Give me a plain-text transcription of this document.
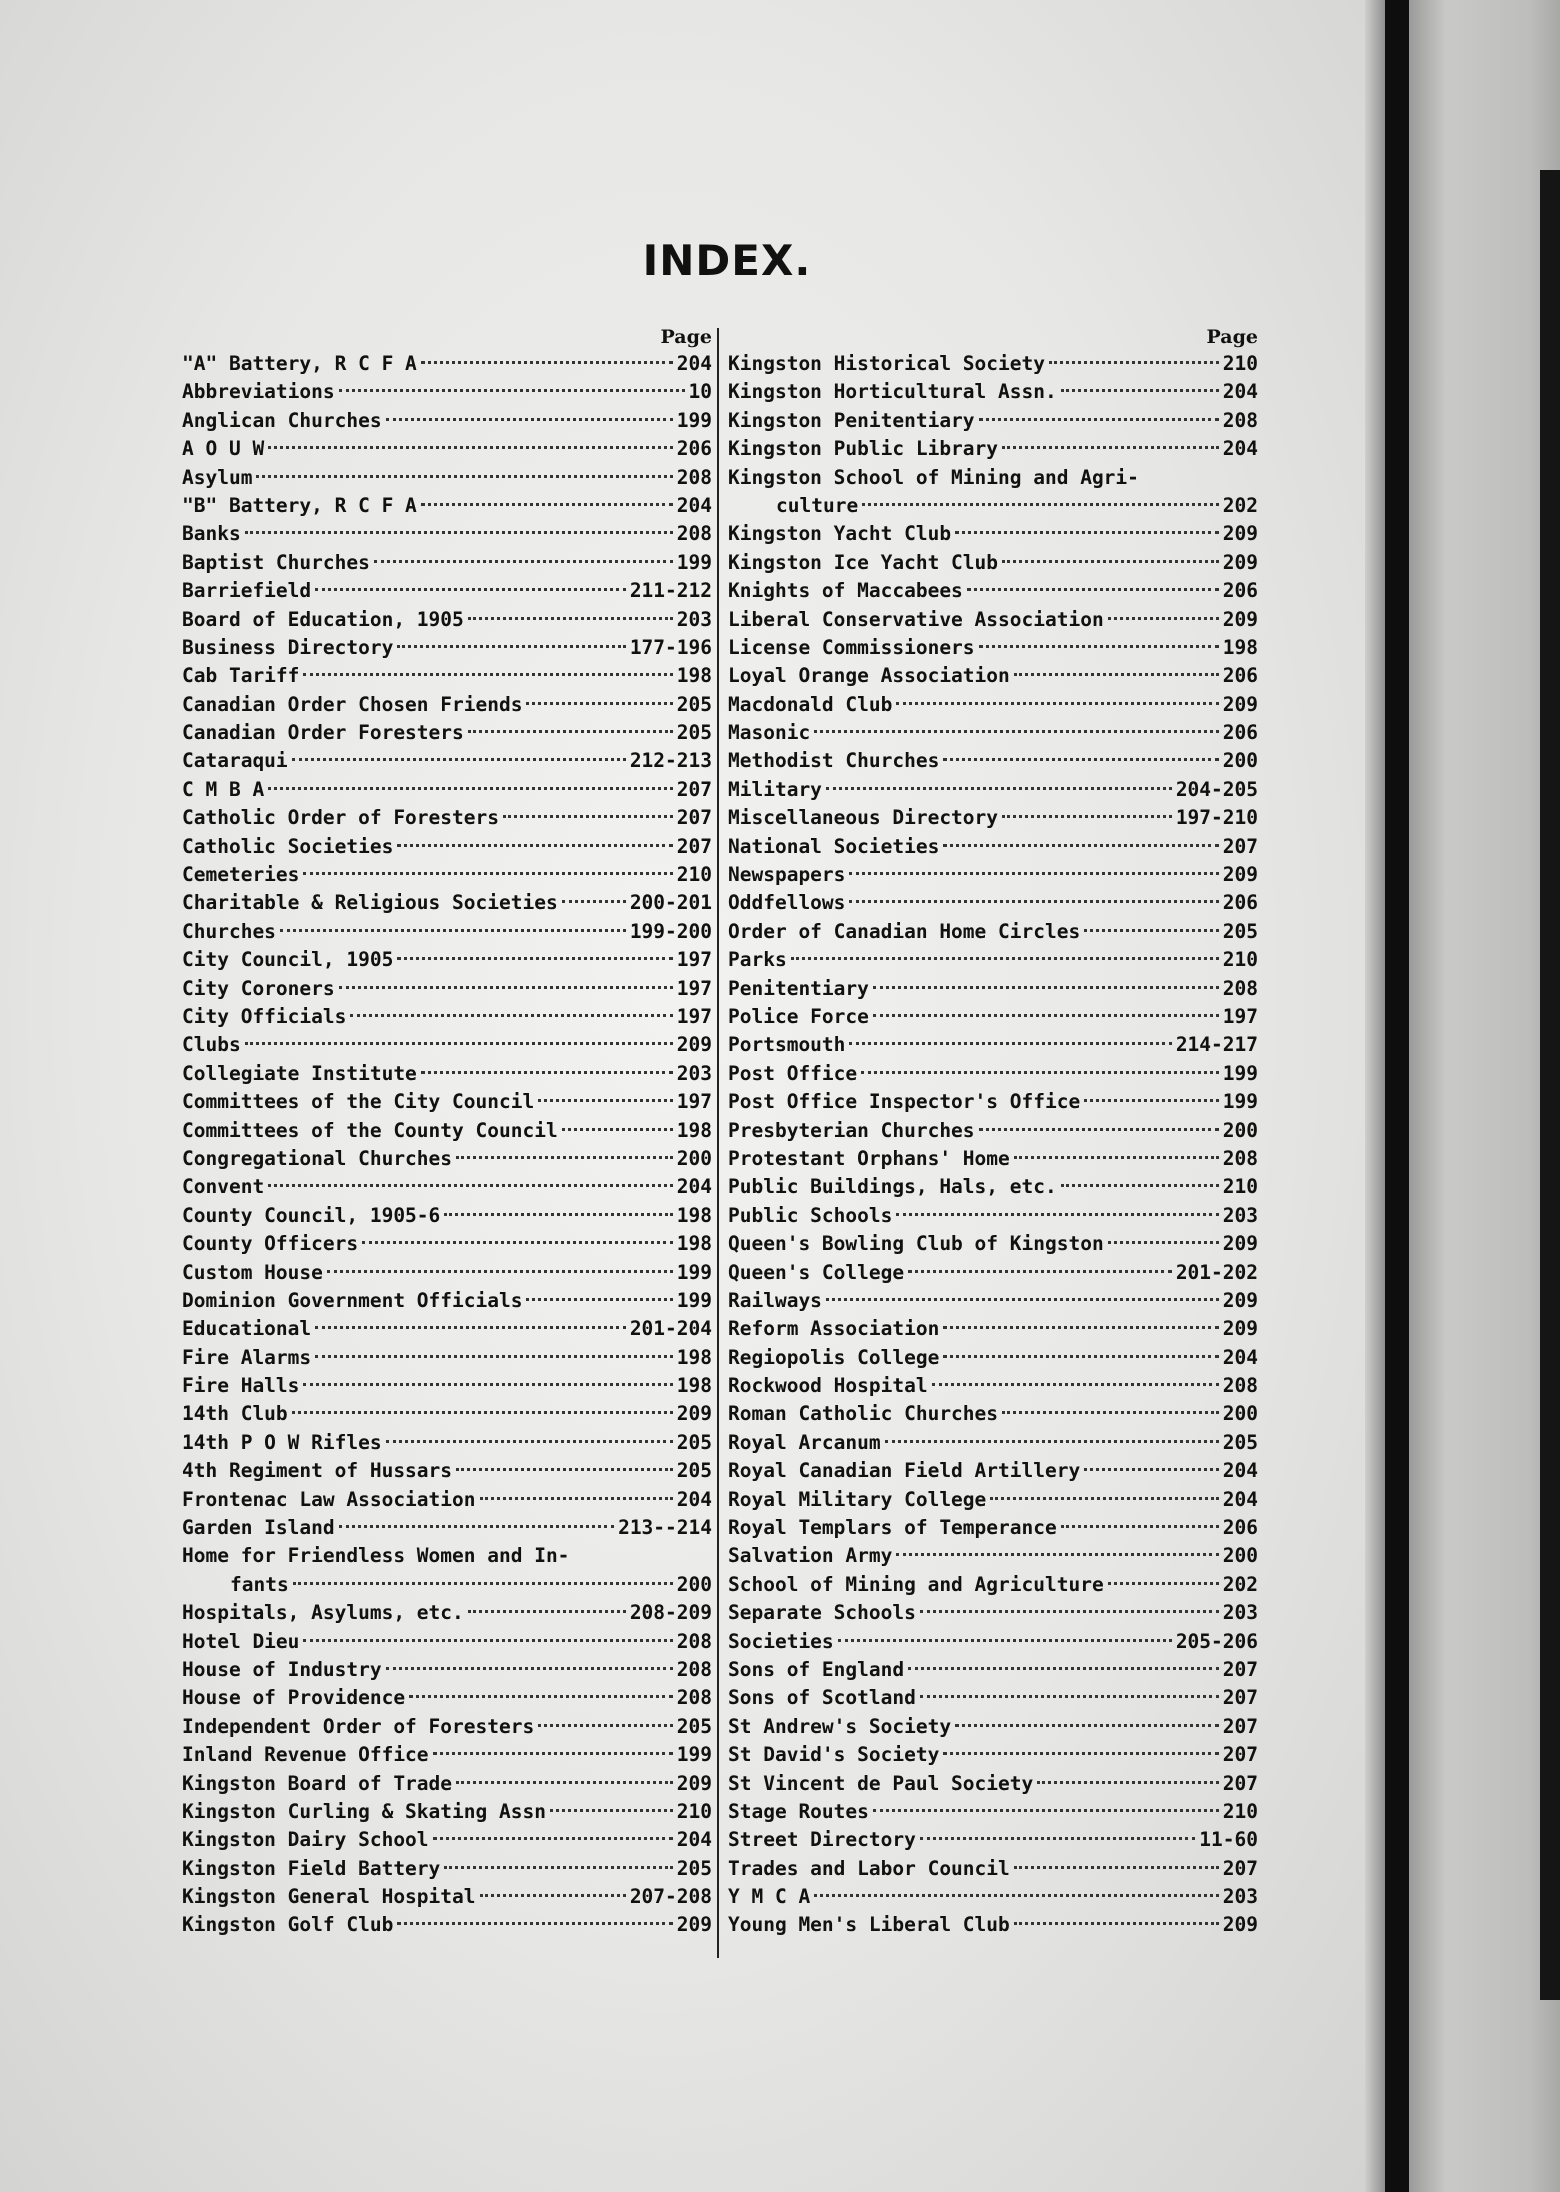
INDEX.
Page
"A" Battery, R C F A	204
Abbreviations	10
Anglican Churches	199
A O U W	206
Asylum	208
"B" Battery, R C F A	204
Banks	208
Baptist Churches	199
Barriefield	211-212
Board of Education, 1905	203
Business Directory	177-196
Cab Tariff	198
Canadian Order Chosen Friends	205
Canadian Order Foresters	205
Cataraqui	212-213
C M B A	207
Catholic Order of Foresters	207
Catholic Societies	207
Cemeteries	210
Charitable & Religious Societies	200-201
Churches	199-200
City Council, 1905	197
City Coroners	197
City Officials	197
Clubs	209
Collegiate Institute	203
Committees of the City Council	197
Committees of the County Council	198
Congregational Churches	200
Convent	204
County Council, 1905-6	198
County Officers	198
Custom House	199
Dominion Government Officials	199
Educational	201-204
Fire Alarms	198
Fire Halls	198
14th Club	209
14th P O W Rifles	205
4th Regiment of Hussars	205
Frontenac Law Association	204
Garden Island	213--214
Home for Friendless Women and In-
fants	200
Hospitals, Asylums, etc.	208-209
Hotel Dieu	208
House of Industry	208
House of Providence	208
Independent Order of Foresters	205
Inland Revenue Office	199
Kingston Board of Trade	209
Kingston Curling & Skating Assn	210
Kingston Dairy School	204
Kingston Field Battery	205
Kingston General Hospital	207-208
Kingston Golf Club	209
Page
Kingston Historical Society	210
Kingston Horticultural Assn.	204
Kingston Penitentiary	208
Kingston Public Library	204
Kingston School of Mining and Agri-
culture	202
Kingston Yacht Club	209
Kingston Ice Yacht Club	209
Knights of Maccabees	206
Liberal Conservative Association	209
License Commissioners	198
Loyal Orange Association	206
Macdonald Club	209
Masonic	206
Methodist Churches	200
Military	204-205
Miscellaneous Directory	197-210
National Societies	207
Newspapers	209
Oddfellows	206
Order of Canadian Home Circles	205
Parks	210
Penitentiary	208
Police Force	197
Portsmouth	214-217
Post Office	199
Post Office Inspector's Office	199
Presbyterian Churches	200
Protestant Orphans' Home	208
Public Buildings, Hals, etc.	210
Public Schools	203
Queen's Bowling Club of Kingston	209
Queen's College	201-202
Railways	209
Reform Association	209
Regiopolis College	204
Rockwood Hospital	208
Roman Catholic Churches	200
Royal Arcanum	205
Royal Canadian Field Artillery	204
Royal Military College	204
Royal Templars of Temperance	206
Salvation Army	200
School of Mining and Agriculture	202
Separate Schools	203
Societies	205-206
Sons of England	207
Sons of Scotland	207
St Andrew's Society	207
St David's Society	207
St Vincent de Paul Society	207
Stage Routes	210
Street Directory	11-60
Trades and Labor Council	207
Y M C A	203
Young Men's Liberal Club	209
